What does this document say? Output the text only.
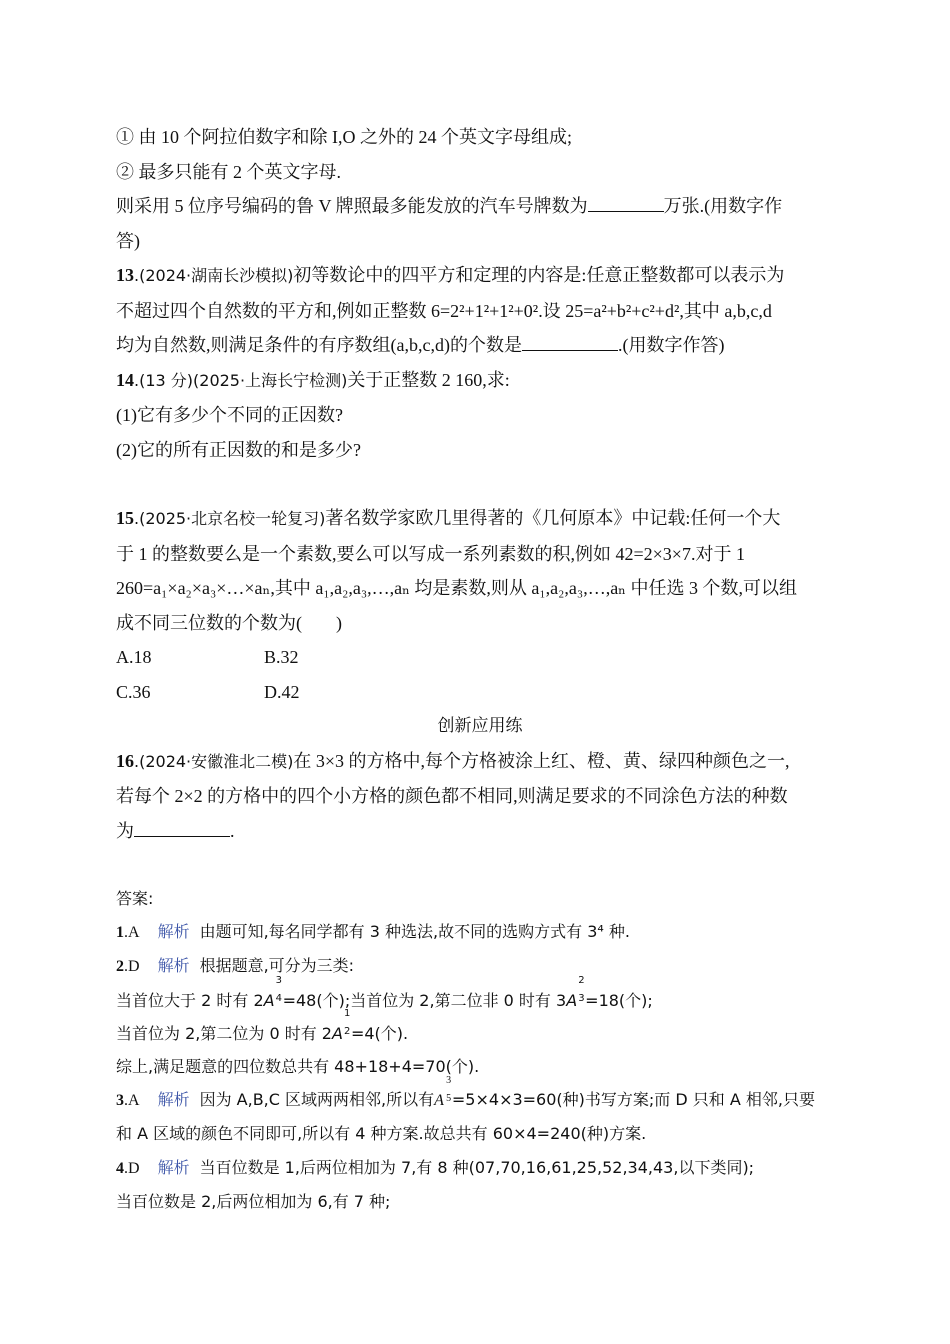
① 由 10 个阿拉伯数字和除 I,O 之外的 24 个英文字母组成;
② 最多只能有 2 个英文字母.
则采用 5 位序号编码的鲁 V 牌照最多能发放的汽车号牌数为	万张.(用数字作
答)
13.(2024·湖南长沙模拟)初等数论中的四平方和定理的内容是:任意正整数都可以表示为
不超过四个自然数的平方和,例如正整数 6=2²+1²+1²+0².设 25=a²+b²+c²+d²,其中 a,b,c,d
均为自然数,则满足条件的有序数组(a,b,c,d)的个数是	.(用数字作答)
14.(13 分)(2025·上海长宁检测)关于正整数 2 160,求:
(1)它有多少个不同的正因数?
(2)它的所有正因数的和是多少?
15.(2025·北京名校一轮复习)著名数学家欧几里得著的《几何原本》中记载:任何一个大
于 1 的整数要么是一个素数,要么可以写成一系列素数的积,例如 42=2×3×7.对于 1
260=a₁×a₂×a₃×…×aₙ,其中 a₁,a₂,a₃,…,aₙ 均是素数,则从 a₁,a₂,a₃,…,aₙ 中任选 3 个数,可以组
成不同三位数的个数为( )
A.18	B.32
C.36	D.42
创新应用练
16.(2024·安徽淮北二模)在 3×3 的方格中,每个方格被涂上红、橙、黄、绿四种颜色之一,
若每个 2×2 的方格中的四个小方格的颜色都不相同,则满足要求的不同涂色方法的种数
为	.
答案:
1.A 解析 由题可知,每名同学都有 3 种选法,故不同的选购方式有 3⁴ 种.
2.D 解析 根据题意,可分为三类:
当首位大于 2 时有 2A
3
4 =48(个);当首位为 2,第二位非 0 时有 3A
2
3 =18(个);
当首位为 2,第二位为 0 时有 2A
1
2 =4(个).
综上,满足题意的四位数总共有 48+18+4=70(个).
3.A 解析 因为 A,B,C 区域两两相邻,所以有A
3
5 =5×4×3=60(种)书写方案;而 D 只和 A 相邻,只要
和 A 区域的颜色不同即可,所以有 4 种方案.故总共有 60×4=240(种)方案.
4.D 解析 当百位数是 1,后两位相加为 7,有 8 种(07,70,16,61,25,52,34,43,以下类同);
当百位数是 2,后两位相加为 6,有 7 种;
